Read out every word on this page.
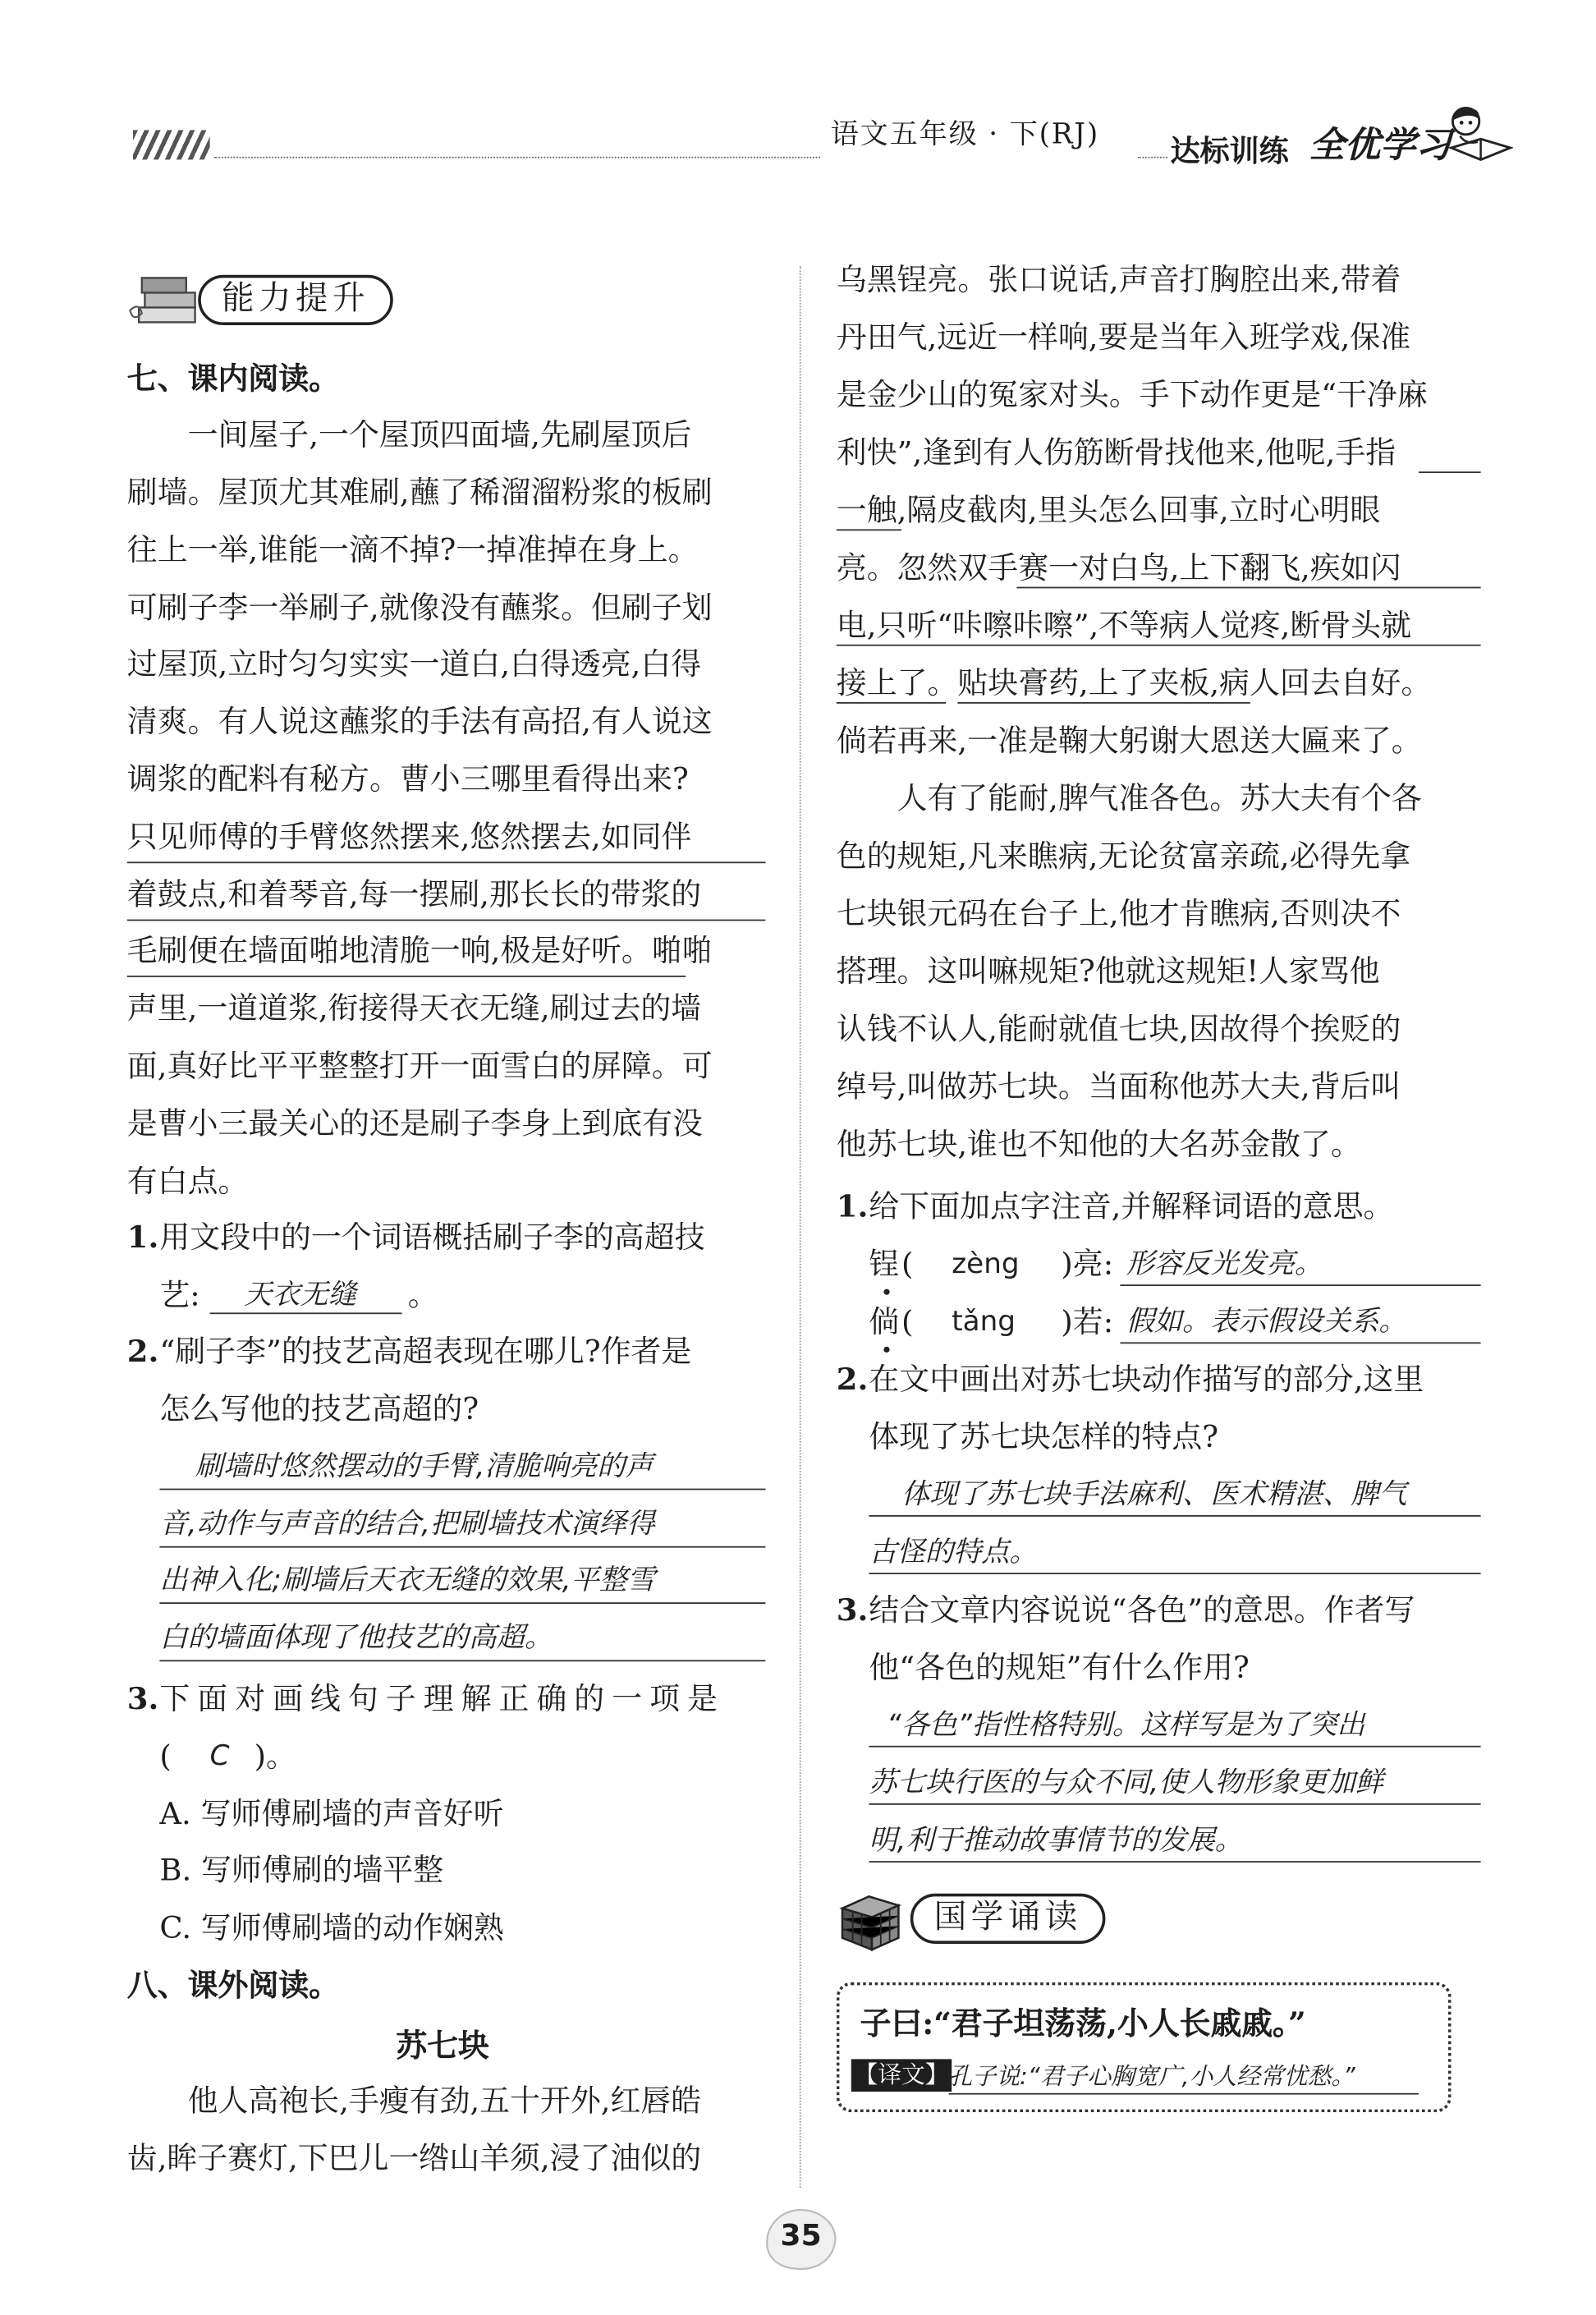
语文五年级 · 下(RJ)	达标训练 全优学习
能力提升
七、课内阅读。
一间屋子,一个屋顶四面墙,先刷屋顶后
刷墙。屋顶尤其难刷,蘸了稀溜溜粉浆的板刷
往上一举,谁能一滴不掉?一掉准掉在身上。
可刷子李一举刷子,就像没有蘸浆。但刷子划
过屋顶,立时匀匀实实一道白,白得透亮,白得
清爽。有人说这蘸浆的手法有高招,有人说这
调浆的配料有秘方。曹小三哪里看得出来?
只见师傅的手臂悠然摆来,悠然摆去,如同伴
着鼓点,和着琴音,每一摆刷,那长长的带浆的
毛刷便在墙面啪地清脆一响,极是好听。啪啪
声里,一道道浆,衔接得天衣无缝,刷过去的墙
面,真好比平平整整打开一面雪白的屏障。可
是曹小三最关心的还是刷子李身上到底有没
有白点。
1. 用文段中的一个词语概括刷子李的高超技
艺:	天衣无缝	。
2. “刷子李”的技艺高超表现在哪儿?作者是
怎么写他的技艺高超的?
刷墙时悠然摆动的手臂,清脆响亮的声
音,动作与声音的结合,把刷墙技术演绎得
出神入化;刷墙后天衣无缝的效果,平整雪
白的墙面体现了他技艺的高超。
3. 下面对画线句子理解正确的一项是
( C )。
A. 写师傅刷墙的声音好听
B. 写师傅刷的墙平整
C. 写师傅刷墙的动作娴熟
八、课外阅读。
苏七块
他人高袍长,手瘦有劲,五十开外,红唇皓
齿,眸子赛灯,下巴儿一绺山羊须,浸了油似的
乌黑锃亮。张口说话,声音打胸腔出来,带着
丹田气,远近一样响,要是当年入班学戏,保准
是金少山的冤家对头。手下动作更是“干净麻
利快”,逢到有人伤筋断骨找他来,他呢,手指
一触,隔皮截肉,里头怎么回事,立时心明眼
亮。忽然双手赛一对白鸟,上下翻飞,疾如闪
电,只听“咔嚓咔嚓”,不等病人觉疼,断骨头就
接上了。贴块膏药,上了夹板,病人回去自好。
倘若再来,一准是鞠大躬谢大恩送大匾来了。
人有了能耐,脾气准各色。苏大夫有个各
色的规矩,凡来瞧病,无论贫富亲疏,必得先拿
七块银元码在台子上,他才肯瞧病,否则决不
搭理。这叫嘛规矩?他就这规矩!人家骂他
认钱不认人,能耐就值七块,因故得个挨贬的
绰号,叫做苏七块。当面称他苏大夫,背后叫
他苏七块,谁也不知他的大名苏金散了。
1. 给下面加点字注音,并解释词语的意思。
锃 ( zèng )亮: 形容反光发亮。
倘 ( tǎng	)若: 假如。表示假设关系。
2. 在文中画出对苏七块动作描写的部分,这里
体现了苏七块怎样的特点?
体现了苏七块手法麻利、医术精湛、脾气
古怪的特点。
3. 结合文章内容说说“各色”的意思。作者写
他“各色的规矩”有什么作用?
“各色”指性格特别。这样写是为了突出
苏七块行医的与众不同,使人物形象更加鲜
明,利于推动故事情节的发展。
国学诵读
子曰:“君子坦荡荡,小人长戚戚。”
【译文】 孔子说:“君子心胸宽广,小人经常忧愁。”
35
